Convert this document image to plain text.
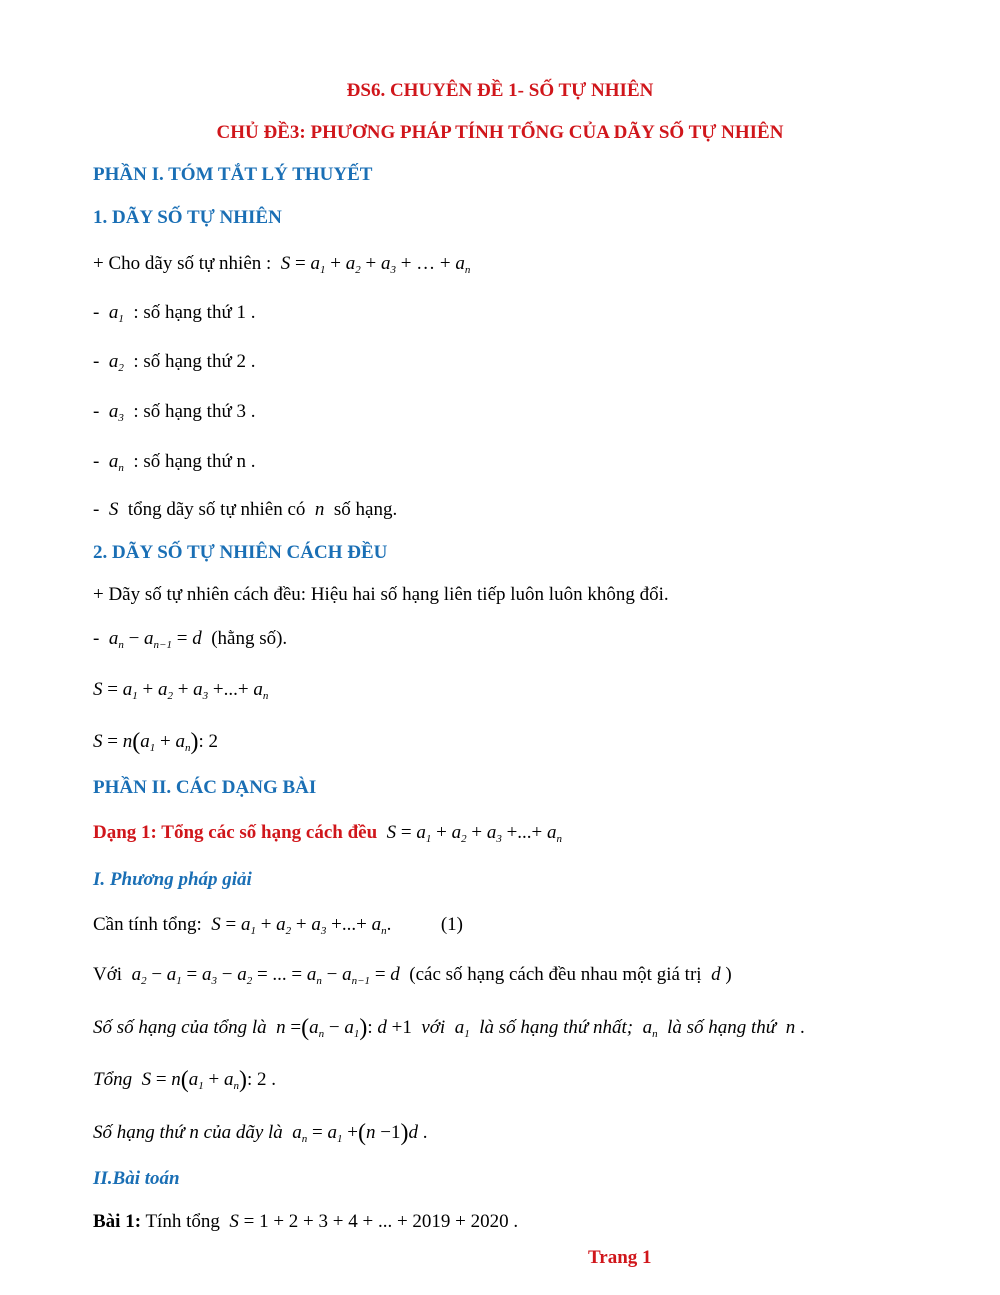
ĐS6. CHUYÊN ĐỀ 1- SỐ TỰ NHIÊN
CHỦ ĐỀ3: PHƯƠNG PHÁP TÍNH TỔNG CỦA DÃY SỐ TỰ NHIÊN
PHẦN I. TÓM TẮT LÝ THUYẾT
1. DÃY SỐ TỰ NHIÊN
+ Cho dãy số tự nhiên : $S = a_1 + a_2 + a_3$ + … + $a_n$
-  $a_1$ : số hạng thứ 1 .
-  $a_2$ : số hạng thứ 2 .
-  $a_3$ : số hạng thứ 3 .
-  $a_n$ : số hạng thứ n .
-  S tổng dãy số tự nhiên có n số hạng.
2. DÃY SỐ TỰ NHIÊN CÁCH ĐỀU
+ Dãy số tự nhiên cách đều: Hiệu hai số hạng liên tiếp luôn luôn không đổi.
-  $a_n - a_{n-1} = d$ (hằng số).
$S = a_1 + a_2 + a_3$ +...+ $a_n$
$S = n(a_1 + a_n)$: 2
PHẦN II. CÁC DẠNG BÀI
Dạng 1: Tổng các số hạng cách đều $S = a_1 + a_2 + a_3$ +...+ $a_n$
I. Phương pháp giải
Cần tính tổng: $S = a_1 + a_2 + a_3$ +...+ $a_n$.	(1)
Với $a_2 - a_1 = a_3 - a_2$ = ... = $a_n - a_{n-1} = d$ (các số hạng cách đều nhau một giá trị d )
Số số hạng của tổng là  $n =(a_n - a_1)$: d +1 với  $a_1$ là số hạng thứ nhất;  $a_n$ là số hạng thứ  n .
Tổng  $S = n(a_1 + a_n)$: 2 .
Số hạng thứ n của dãy là  $a_n = a_1 +(n -1)d$ .
II.Bài toán
Bài 1: Tính tổng S = 1 + 2 + 3 + 4 + ... + 2019 + 2020 .
Trang 1
